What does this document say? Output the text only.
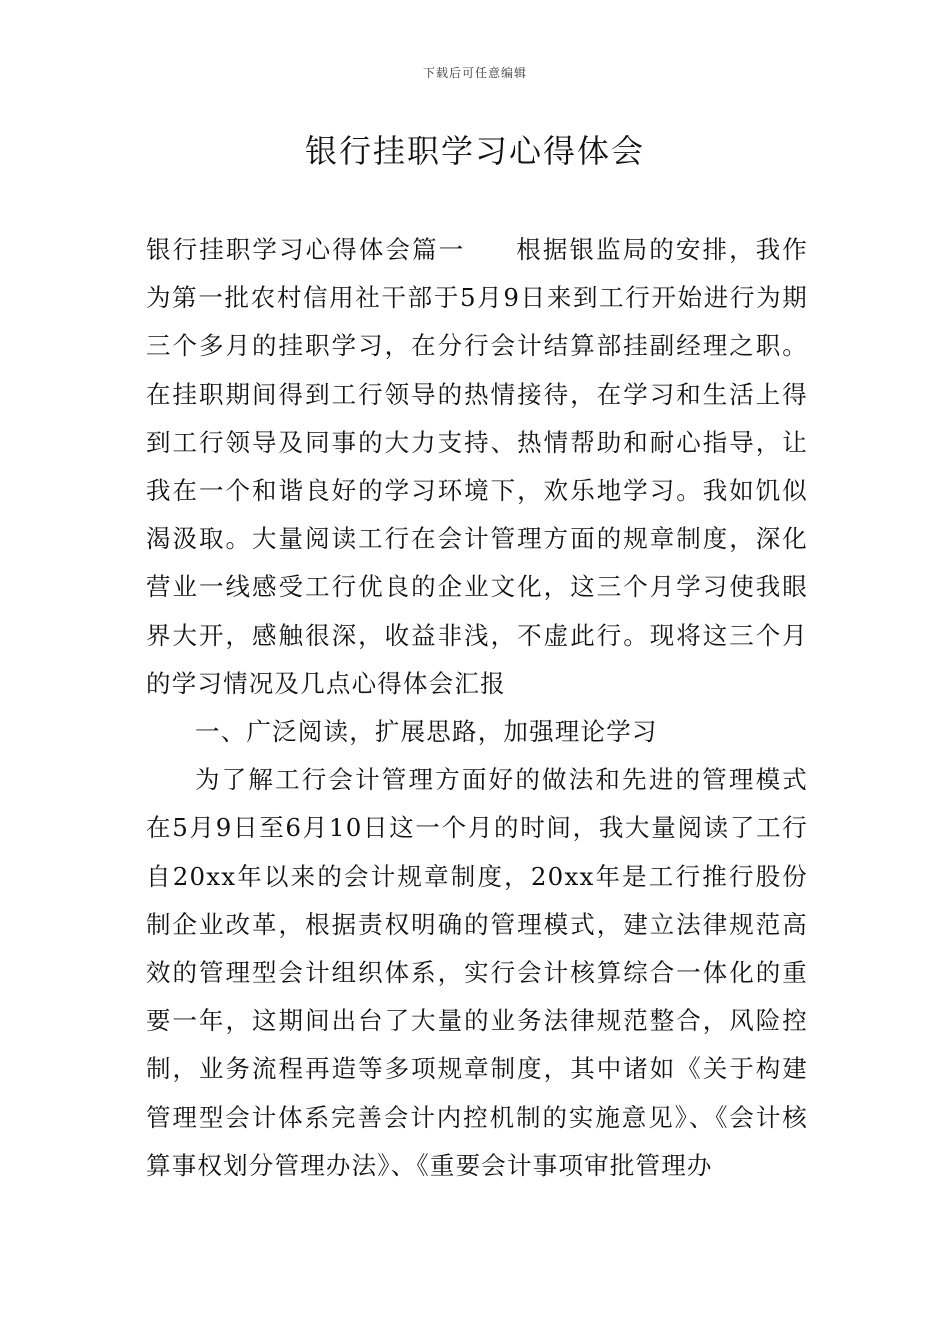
下载后可任意编辑
银行挂职学习心得体会

银行挂职学习心得体会篇一 根据银监局的安排，我作为第一批农村信用社干部于5月9日来到工行开始进行为期三个多月的挂职学习，在分行会计结算部挂副经理之职。在挂职期间得到工行领导的热情接待，在学习和生活上得到工行领导及同事的大力支持、热情帮助和耐心指导，让我在一个和谐良好的学习环境下，欢乐地学习。我如饥似渴汲取。大量阅读工行在会计管理方面的规章制度，深化营业一线感受工行优良的企业文化，这三个月学习使我眼界大开，感触很深，收益非浅，不虚此行。现将这三个月的学习情况及几点心得体会汇报

一、广泛阅读，扩展思路，加强理论学习

为了解工行会计管理方面好的做法和先进的管理模式在5月9日至6月10日这一个月的时间，我大量阅读了工行自20xx年以来的会计规章制度，20xx年是工行推行股份制企业改革，根据责权明确的管理模式，建立法律规范高效的管理型会计组织体系，实行会计核算综合一体化的重要一年，这期间出台了大量的业务法律规范整合，风险控制，业务流程再造等多项规章制度，其中诸如《关于构建管理型会计体系完善会计内控机制的实施意见》、《会计核算事权划分管理办法》、《重要会计事项审批管理办
